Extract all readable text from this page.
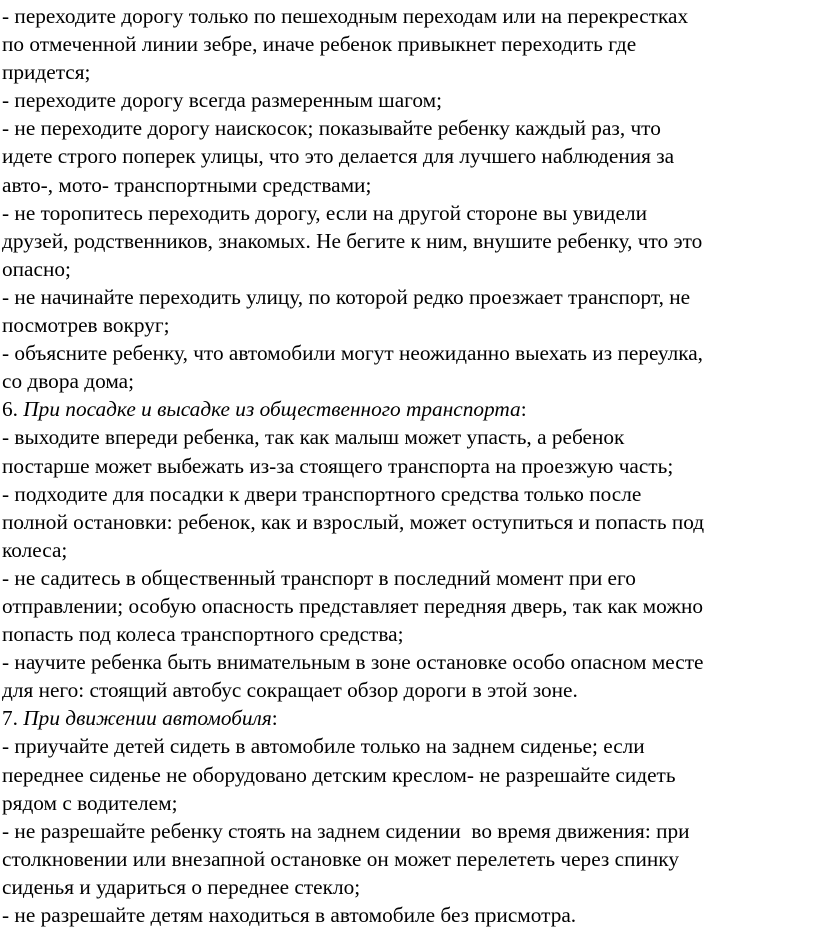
- переходите дорогу только по пешеходным переходам или на перекрестках
по отмеченной линии зебре, иначе ребенок привыкнет переходить где
придется;
- переходите дорогу всегда размеренным шагом;
- не переходите дорогу наискосок; показывайте ребенку каждый раз, что
идете строго поперек улицы, что это делается для лучшего наблюдения за
авто-, мото- транспортными средствами;
- не торопитесь переходить дорогу, если на другой стороне вы увидели
друзей, родственников, знакомых. Не бегите к ним, внушите ребенку, что это
опасно;
- не начинайте переходить улицу, по которой редко проезжает транспорт, не
посмотрев вокруг;
- объясните ребенку, что автомобили могут неожиданно выехать из переулка,
со двора дома;
6. При посадке и высадке из общественного транспорта:
- выходите впереди ребенка, так как малыш может упасть, а ребенок
постарше может выбежать из-за стоящего транспорта на проезжую часть;
- подходите для посадки к двери транспортного средства только после
полной остановки: ребенок, как и взрослый, может оступиться и попасть под
колеса;
- не садитесь в общественный транспорт в последний момент при его
отправлении; особую опасность представляет передняя дверь, так как можно
попасть под колеса транспортного средства;
- научите ребенка быть внимательным в зоне остановке особо опасном месте
для него: стоящий автобус сокращает обзор дороги в этой зоне.
7. При движении автомобиля:
- приучайте детей сидеть в автомобиле только на заднем сиденье; если
переднее сиденье не оборудовано детским креслом- не разрешайте сидеть
рядом с водителем;
- не разрешайте ребенку стоять на заднем сидении  во время движения: при
столкновении или внезапной остановке он может перелететь через спинку
сиденья и удариться о переднее стекло;
- не разрешайте детям находиться в автомобиле без присмотра.
